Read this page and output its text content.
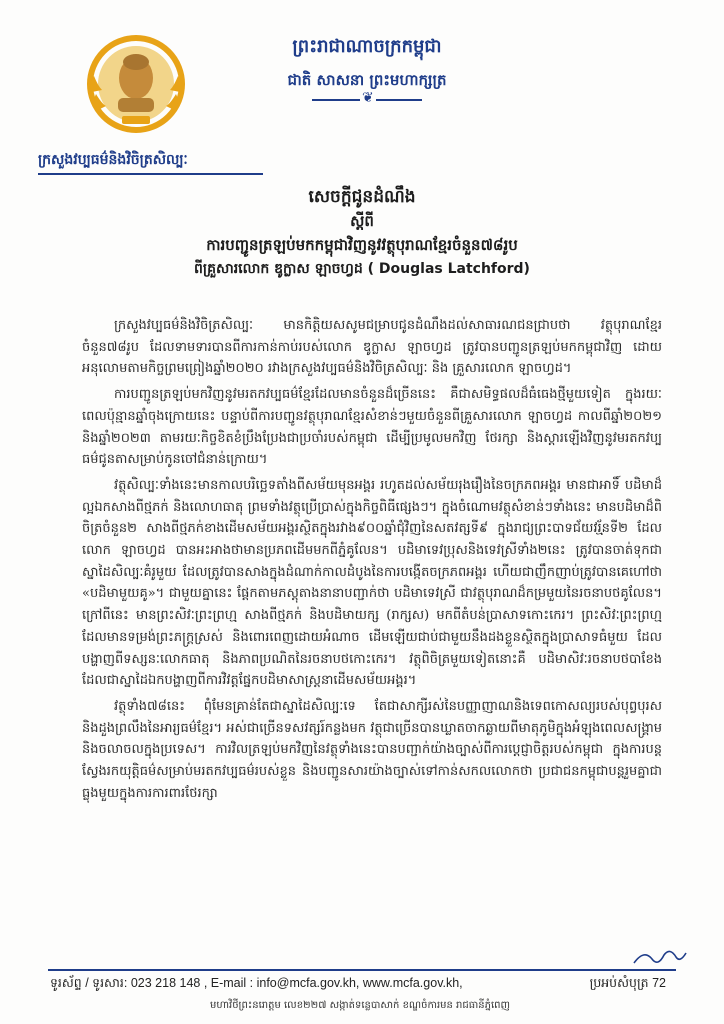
ព្រះរាជាណាចក្រកម្ពុជា
ជាតិ សាសនា ព្រះមហាក្សត្រ
❦
ក្រសួងវប្បធម៌និងវិចិត្រសិល្បៈ
សេចក្តីជូនដំណឹង
ស្តីពី
ការបញ្ជូនត្រឡប់មកកម្ពុជាវិញនូវវត្ថុបុរាណខ្មែរចំនួន៧៨រូប
ពីគ្រួសារលោក ឌូក្លាស ឡាចហ្វដ ( Douglas Latchford)

ក្រសួងវប្បធម៌និងវិចិត្រសិល្បៈ មានកិត្តិយសសូមជម្រាបជូនដំណឹងដល់សាធារណជនជ្រាបថា វត្ថុបុរាណខ្មែរចំនួន៧៨រូប ដែលទាមទារបានពីការកាន់កាប់របស់លោក ឌូក្លាស ឡាចហ្វដ ត្រូវបានបញ្ជូនត្រឡប់មកកម្ពុជាវិញ ដោយអនុលោមតាមកិច្ចព្រមព្រៀងឆ្នាំ២០២០ រវាងក្រសួងវប្បធម៌និងវិចិត្រសិល្បៈ និង គ្រួសារលោក ឡាចហ្វដ។

ការបញ្ជូនត្រឡប់មកវិញនូវមរតកវប្បធម៌ខ្មែរដែលមានចំនួនដ៏ច្រើននេះ គឺជាសមិទ្ធផលដ៏ធំធេងថ្មីមួយទៀត ក្នុងរយៈពេលប៉ុន្មានឆ្នាំចុងក្រោយនេះ បន្ទាប់ពីការបញ្ជូនវត្ថុបុរាណខ្មែរសំខាន់ៗមួយចំនួនពីគ្រួសារលោក ឡាចហ្វដ កាលពីឆ្នាំ២០២១ និងឆ្នាំ២០២៣ តាមរយៈកិច្ចខិតខំប្រឹងប្រែងជាប្រចាំរបស់កម្ពុជា ដើម្បីប្រមូលមកវិញ ថែរក្សា និងស្តារឡើងវិញនូវមរតកវប្បធម៌ជូនតាសម្រាប់កូនចៅជំនាន់ក្រោយ។

វត្ថុសិល្បៈទាំងនេះមានកាលបរិច្ឆេទតាំងពីសម័យមុនអង្គរ រហូតដល់សម័យរុងរឿងនៃចក្រភពអង្គរ មានជាអាទិ៍ បដិមាដ៏ល្អឯកសាងពីថ្មភក់ និងលោហធាតុ ព្រមទាំងវត្ថុប្រើប្រាស់ក្នុងកិច្ចពិធីផ្សេងៗ។ ក្នុងចំណោមវត្ថុសំខាន់ៗទាំងនេះ មានបដិមាដ៏ពិចិត្រចំនួន២ សាងពីថ្មភក់ខាងដើមសម័យអង្គរស្ថិតក្នុងរវាង៩០០ឆ្នាំជុំវិញនៃសតវត្សទី៩ ក្នុងរាជ្យព្រះបាទជ័យវរ្ម័នទី២ ដែលលោក ឡាចហ្វដ បានអះអាងថាមានប្រភពដើមមកពីភ្នំគូលែន។ បដិមាទេវប្រុសនិងទេវស្រីទាំង២នេះ ត្រូវបានចាត់ទុកជាស្នាដៃសិល្បៈគំរូមួយ ដែលត្រូវបានសាងក្នុងដំណាក់កាលដំបូងនៃការបង្កើតចក្រភពអង្គរ ហើយជាញឹកញាប់ត្រូវបានគេហៅថា «បដិមាមួយគូ»។ ជាមួយគ្នានេះ ផ្ដែកតាមភស្តុតាងនានាបញ្ជាក់ថា បដិមាទេវស្រី ជាវត្ថុបុរាណដ៏កម្រមួយនៃរចនាបថគូលែន។ ក្រៅពីនេះ មានព្រះសិវៈព្រះព្រហ្ម សាងពីថ្មភក់ និងបដិមាយក្ស (រាក្សស) មកពីតំបន់ប្រាសាទកោះកេរ។ ព្រះសិវៈព្រះព្រហ្មដែលមានទម្រង់ព្រះភក្ត្រស្រស់ និងពោរពេញដោយអំណាច ដើមឡើយជាប់ជាមួយនឹងដងខ្លួនស្ថិតក្នុងប្រាសាទធំមួយ ដែលបង្ហាញពីទស្សនៈលោកធាតុ និងភាពប្រណិតនៃរចនាបថកោះកេរ។ វត្ថុពិចិត្រមួយទៀតនោះគឺ បដិមាសិវៈរចនាបថបាខែង ដែលជាស្នាដៃឯកបង្ហាញពីការវិវត្តផ្នែកបដិមាសាស្ត្រនាដើមសម័យអង្គរ។

វត្ថុទាំង៧៨នេះ ពុំមែនគ្រាន់តែជាស្នាដៃសិល្បៈទេ តែជាសាក្សីរស់នៃបញ្ញាញាណនិងទេពកោសល្យរបស់បុព្វបុរស និងដួងព្រលឹងនៃអារ្យធម៌ខ្មែរ។ អស់ជាច្រើនទសវត្សរ៍កន្លងមក វត្ថុជាច្រើនបានឃ្លាតចាកឆ្ងាយពីមាតុភូមិក្នុងអំឡុងពេលសង្គ្រាម និងចលាចលក្នុងប្រទេស។ ការវិលត្រឡប់មកវិញនៃវត្ថុទាំងនេះបានបញ្ជាក់យ៉ាងច្បាស់ពីការប្ដេជ្ញាចិត្តរបស់កម្ពុជា ក្នុងការបន្តស្វែងរកយុត្តិធម៌សម្រាប់មរតកវប្បធម៌របស់ខ្លួន និងបញ្ជូនសារយ៉ាងច្បាស់ទៅកាន់សកលលោកថា ប្រជាជនកម្ពុជាបន្តរួមគ្នាជាធ្លុងមួយក្នុងការការពារថែរក្សា

ទូរស័ព្ទ / ទូរសារ: 023 218 148 , E-mail : info@mcfa.gov.kh, www.mcfa.gov.kh,	ប្រអប់សំបុត្រ 72
មហាវិថីព្រះនរោត្តម លេខ២២៧ សង្កាត់ទន្លេបាសាក់ ខណ្ឌចំការមន រាជធានីភ្នំពេញ
